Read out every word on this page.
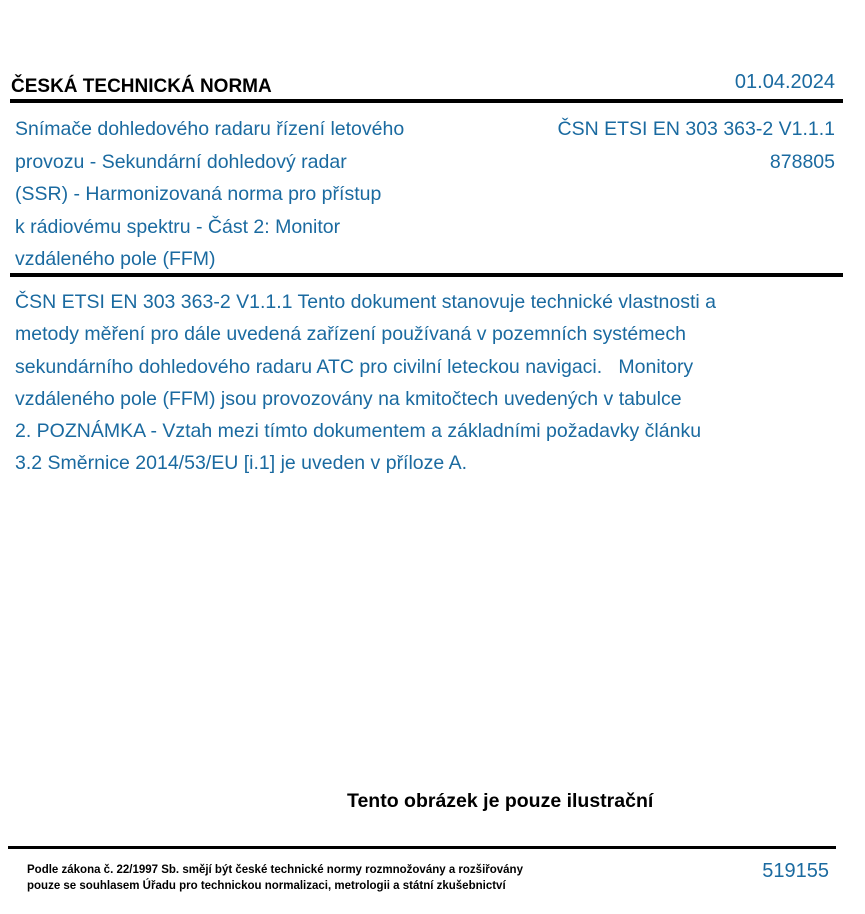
ČESKÁ TECHNICKÁ NORMA	01.04.2024
Snímače dohledového radaru řízení letového
provozu - Sekundární dohledový radar
(SSR) - Harmonizovaná norma pro přístup
k rádiovému spektru - Část 2: Monitor
vzdáleného pole (FFM)
ČSN ETSI EN 303 363-2 V1.1.1
878805
ČSN ETSI EN 303 363-2 V1.1.1 Tento dokument stanovuje technické vlastnosti a
metody měření pro dále uvedená zařízení používaná v pozemních systémech
sekundárního dohledového radaru ATC pro civilní leteckou navigaci.   Monitory
vzdáleného pole (FFM) jsou provozovány na kmitočtech uvedených v tabulce
2. POZNÁMKA - Vztah mezi tímto dokumentem a základními požadavky článku
3.2 Směrnice 2014/53/EU [i.1] je uveden v příloze A.
Tento obrázek je pouze ilustrační
Podle zákona č. 22/1997 Sb. smějí být české technické normy rozmnožovány a rozšiřovány
pouze se souhlasem Úřadu pro technickou normalizaci, metrologii a státní zkušebnictví
519155
